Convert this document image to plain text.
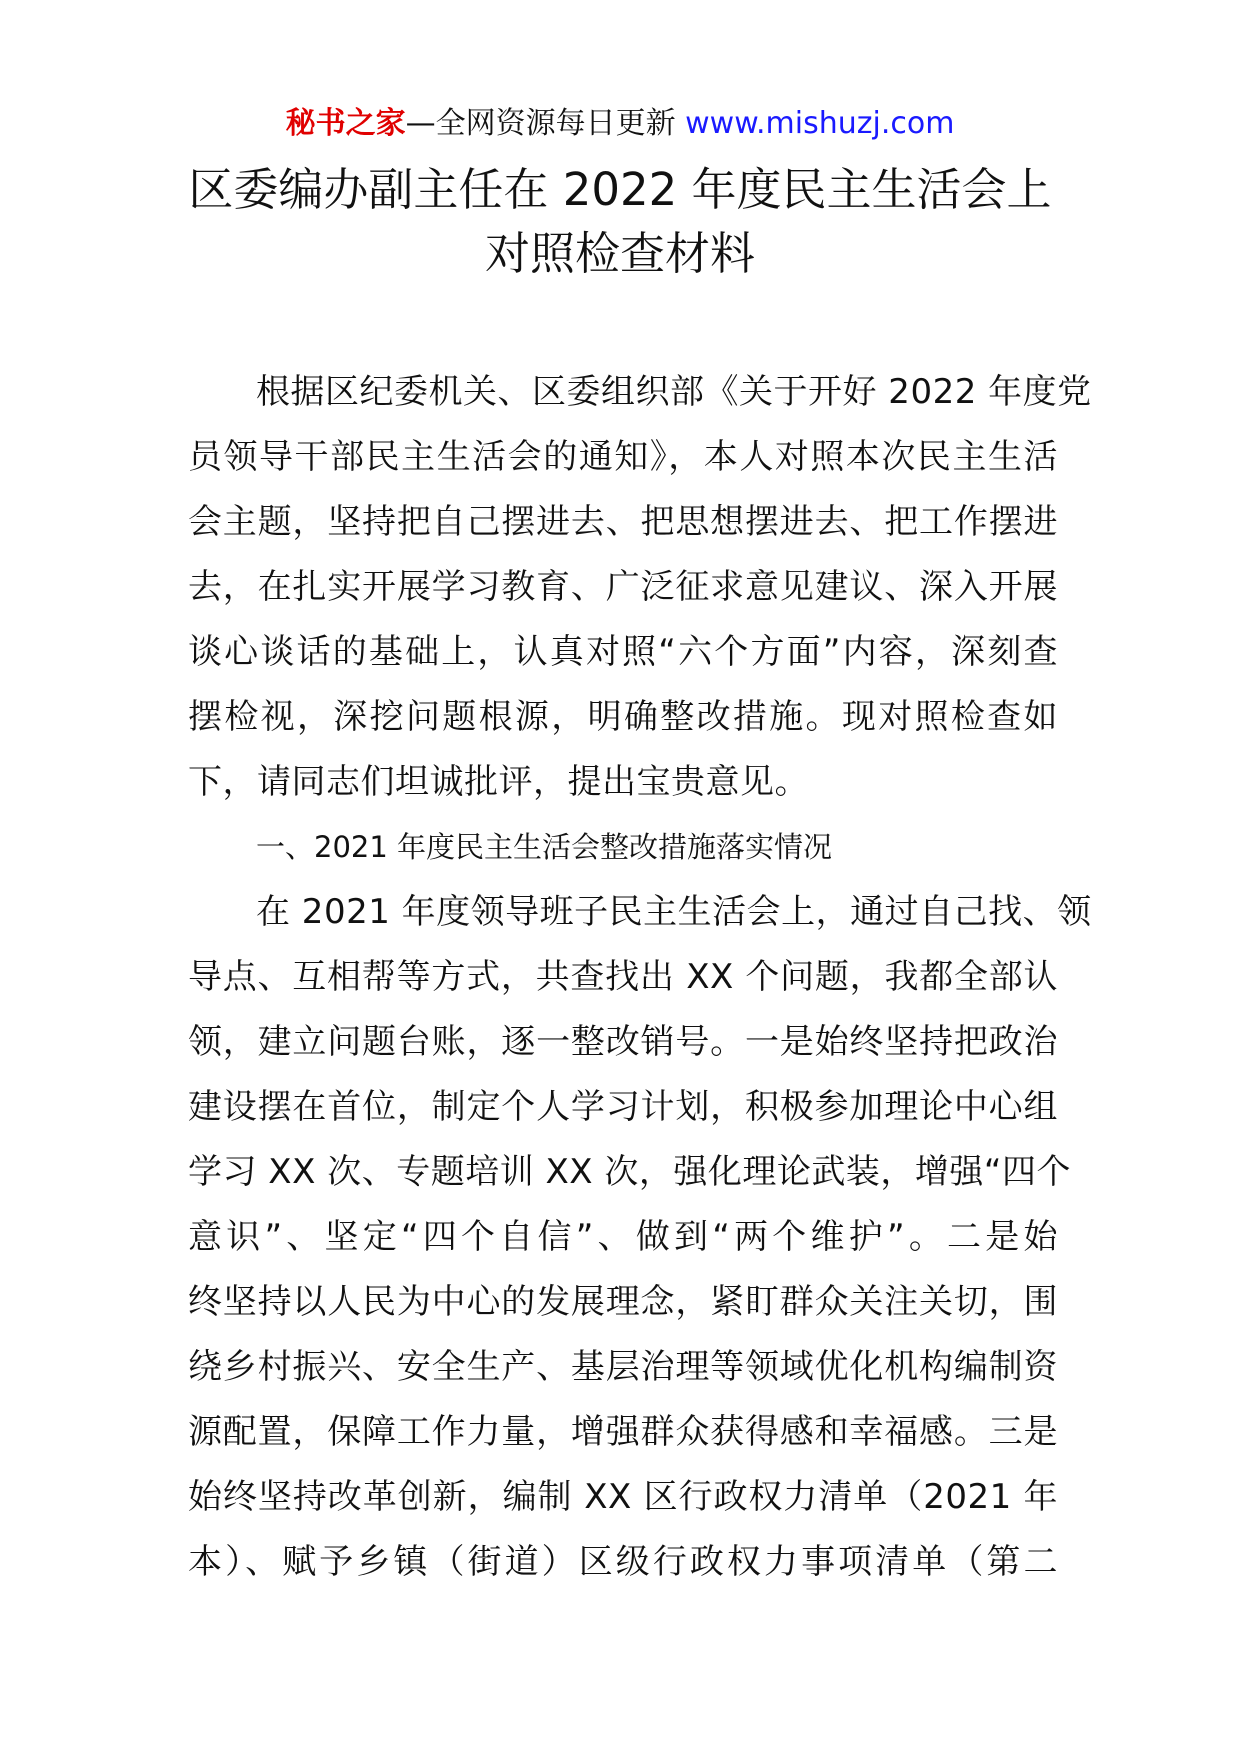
秘书之家—全网资源每日更新 www.mishuzj.com
区委编办副主任在 2022 年度民主生活会上
对照检查材料
根据区纪委机关、区委组织部《关于开好 2022 年度党
员领导干部民主生活会的通知》，本人对照本次民主生活
会主题，坚持把自己摆进去、把思想摆进去、把工作摆进
去，在扎实开展学习教育、广泛征求意见建议、深入开展
谈心谈话的基础上，认真对照“六个方面”内容，深刻查
摆检视，深挖问题根源，明确整改措施。现对照检查如
下，请同志们坦诚批评，提出宝贵意见。
一、2021 年度民主生活会整改措施落实情况
在 2021 年度领导班子民主生活会上，通过自己找、领
导点、互相帮等方式，共查找出 XX 个问题，我都全部认
领，建立问题台账，逐一整改销号。一是始终坚持把政治
建设摆在首位，制定个人学习计划，积极参加理论中心组
学习 XX 次、专题培训 XX 次，强化理论武装，增强“四个
意识”、坚定“四个自信”、做到“两个维护”。二是始
终坚持以人民为中心的发展理念，紧盯群众关注关切，围
绕乡村振兴、安全生产、基层治理等领域优化机构编制资
源配置，保障工作力量，增强群众获得感和幸福感。三是
始终坚持改革创新，编制 XX 区行政权力清单（2021 年
本）、赋予乡镇（街道）区级行政权力事项清单（第二
